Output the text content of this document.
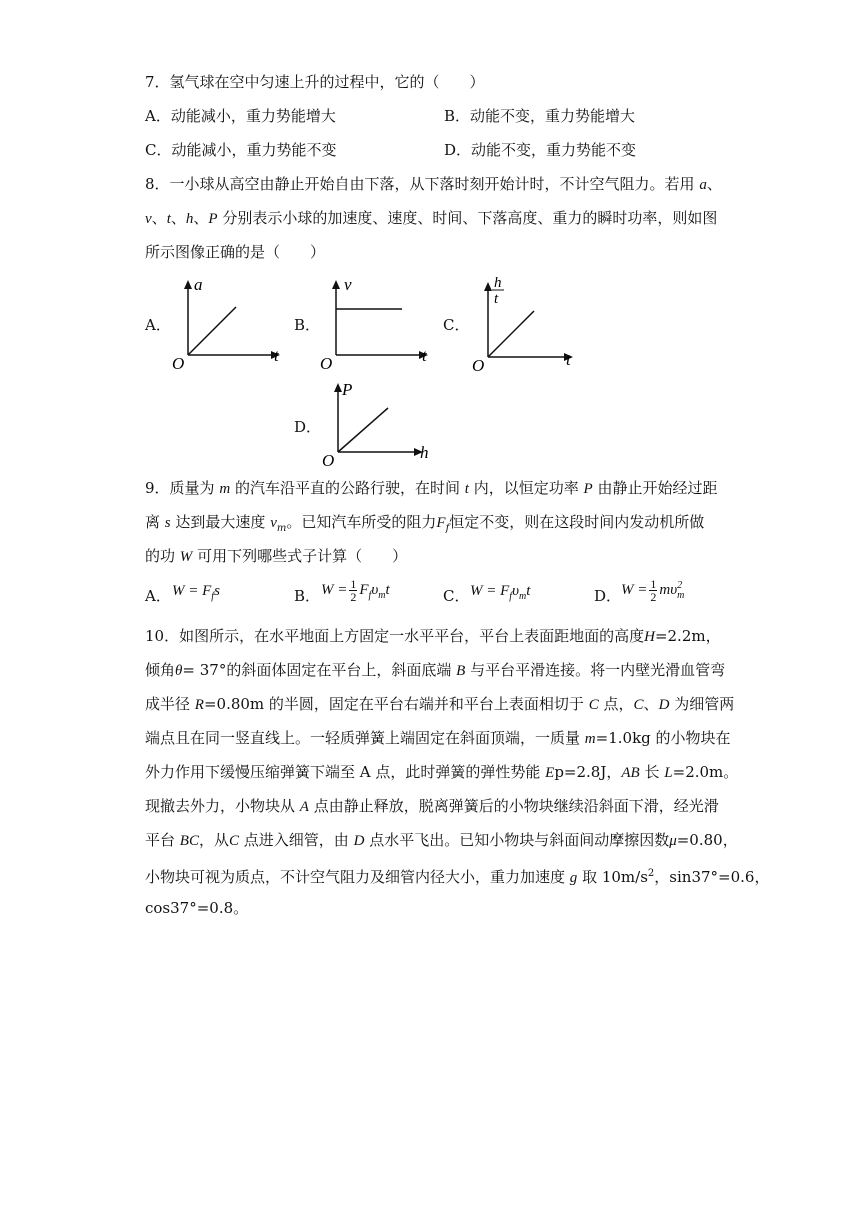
7．氢气球在空中匀速上升的过程中，它的（　　）
A．动能减小，重力势能增大	B．动能不变，重力势能增大
C．动能减小，重力势能不变	D．动能不变，重力势能不变
8．一小球从高空由静止开始自由下落，从下落时刻开始计时，不计空气阻力。若用 a、
v、t、h、P 分别表示小球的加速度、速度、时间、下落高度、重力的瞬时功率，则如图
所示图像正确的是（　　）
A．
a
t
O
B．
v
t
O
C．
h
t
t
O
D．
P
h
O
9．质量为 m 的汽车沿平直的公路行驶，在时间 t 内，以恒定功率 P 由静止开始经过距
离 s 达到最大速度 $v_m$。已知汽车所受的阻力$F_f$恒定不变，则在这段时间内发动机所做
的功 W 可用下列哪些式子计算（　　）
A． $W = F_fs$	B． $W = \frac{1}{2} F_f\upsilon_mt$	C． $W = F_f\upsilon_mt$	D． $W = \frac{1}{2}$ mυ 2
m
10．如图所示，在水平地面上方固定一水平平台，平台上表面距地面的高度H=2.2m，
倾角θ= 37°的斜面体固定在平台上，斜面底端 B 与平台平滑连接。将一内壁光滑血管弯
成半径 R=0.80m 的半圆，固定在平台右端并和平台上表面相切于 C 点，C、D 为细管两
端点且在同一竖直线上。一轻质弹簧上端固定在斜面顶端，一质量 m=1.0kg 的小物块在
外力作用下缓慢压缩弹簧下端至 A 点，此时弹簧的弹性势能 Ep=2.8J，AB 长 L=2.0m。
现撤去外力，小物块从 A 点由静止释放，脱离弹簧后的小物块继续沿斜面下滑，经光滑
平台 BC，从C 点进入细管，由 D 点水平飞出。已知小物块与斜面间动摩擦因数μ=0.80，
小物块可视为质点，不计空气阻力及细管内径大小，重力加速度 g 取 $10m/s^2$，sin37°=0.6，
cos37°=0.8。
